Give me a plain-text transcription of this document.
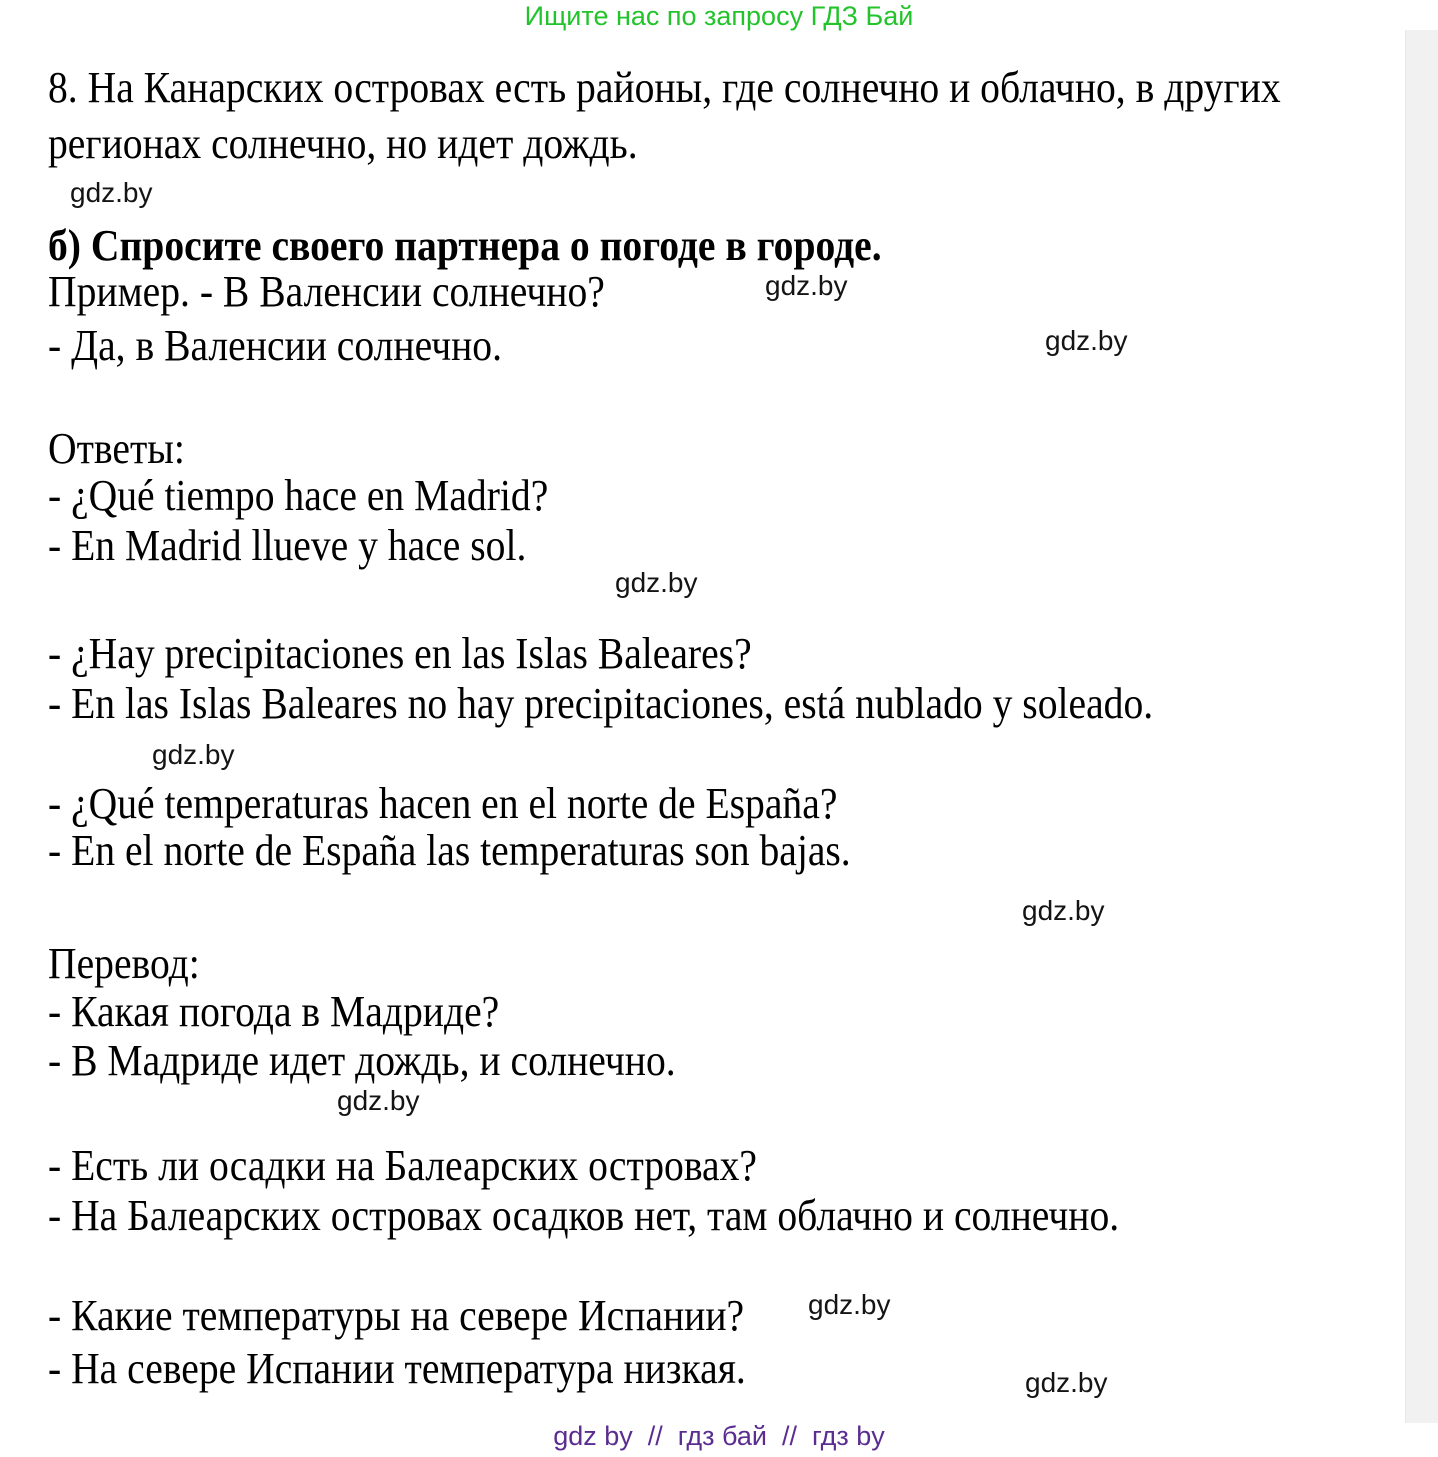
Ищите нас по запросу ГДЗ Бай
8. На Канарских островах есть районы, где солнечно и облачно, в других
регионах солнечно, но идет дождь.
gdz.by
б) Спросите своего партнера о погоде в городе.
Пример. - В Валенсии солнечно?	gdz.by
- Да, в Валенсии солнечно.	gdz.by
Ответы:
- ¿Qué tiempo hace en Madrid?
- En Madrid llueve y hace sol.
gdz.by
- ¿Hay precipitaciones en las Islas Baleares?
- En las Islas Baleares no hay precipitaciones, está nublado y soleado.
gdz.by
- ¿Qué temperaturas hacen en el norte de España?
- En el norte de España las temperaturas son bajas.
gdz.by
Перевод:
- Какая погода в Мадриде?
- В Мадриде идет дождь, и солнечно.
gdz.by
- Есть ли осадки на Балеарских островах?
- На Балеарских островах осадков нет, там облачно и солнечно.
- Какие температуры на севере Испании? gdz.by
- На севере Испании температура низкая.	gdz.by
gdz by  //  гдз бай  //  гдз by
